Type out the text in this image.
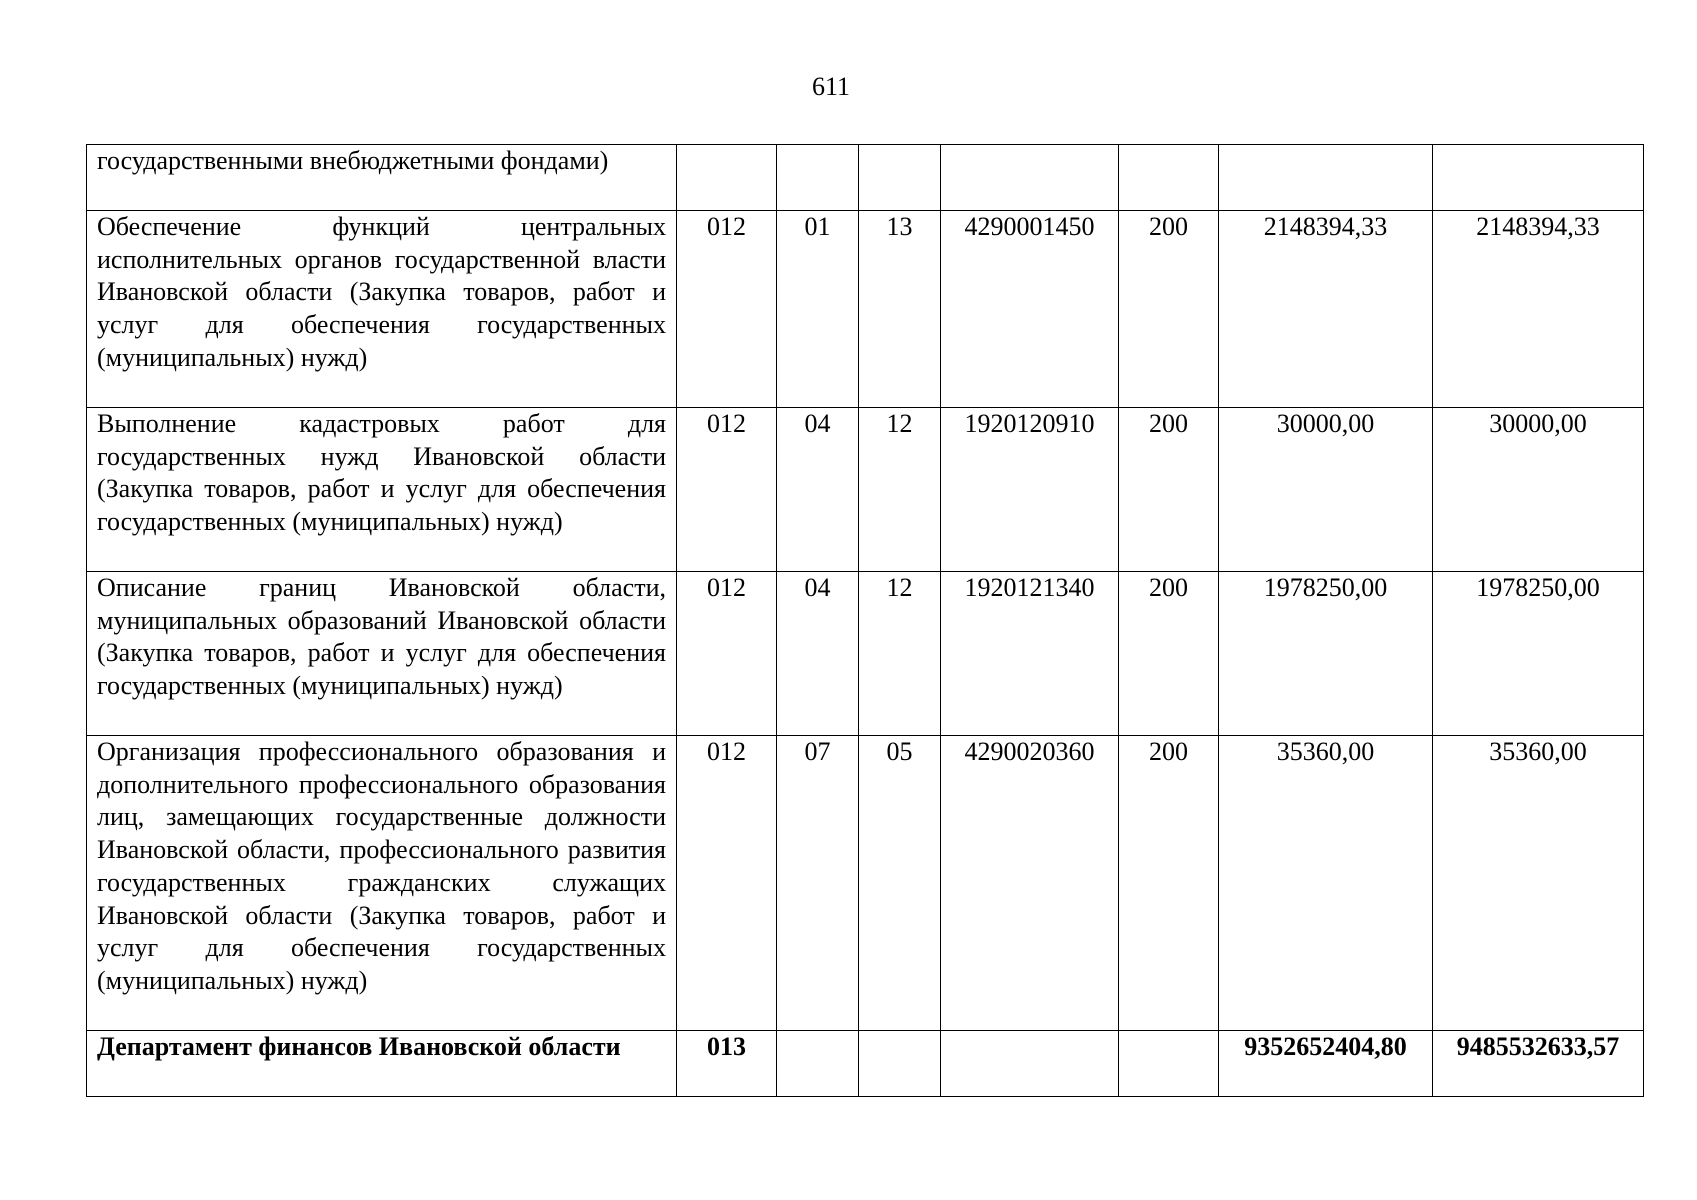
611
государственными внебюджетными фондами)							
Обеспечение функций центральных исполнительных органов государственной власти Ивановской области (Закупка товаров, работ и услуг для обеспечения государственных (муниципальных) нужд)	012	01	13	4290001450	200	2148394,33	2148394,33
Выполнение кадастровых работ для государственных нужд Ивановской области (Закупка товаров, работ и услуг для обеспечения государственных (муниципальных) нужд)	012	04	12	1920120910	200	30000,00	30000,00
Описание границ Ивановской области, муниципальных образований Ивановской области (Закупка товаров, работ и услуг для обеспечения государственных (муниципальных) нужд)	012	04	12	1920121340	200	1978250,00	1978250,00
Организация профессионального образования и дополнительного профессионального образования лиц, замещающих государственные должности Ивановской области, профессионального развития государственных гражданских служащих Ивановской области (Закупка товаров, работ и услуг для обеспечения государственных (муниципальных) нужд)	012	07	05	4290020360	200	35360,00	35360,00
Департамент финансов Ивановской области	013					9352652404,80	9485532633,57
